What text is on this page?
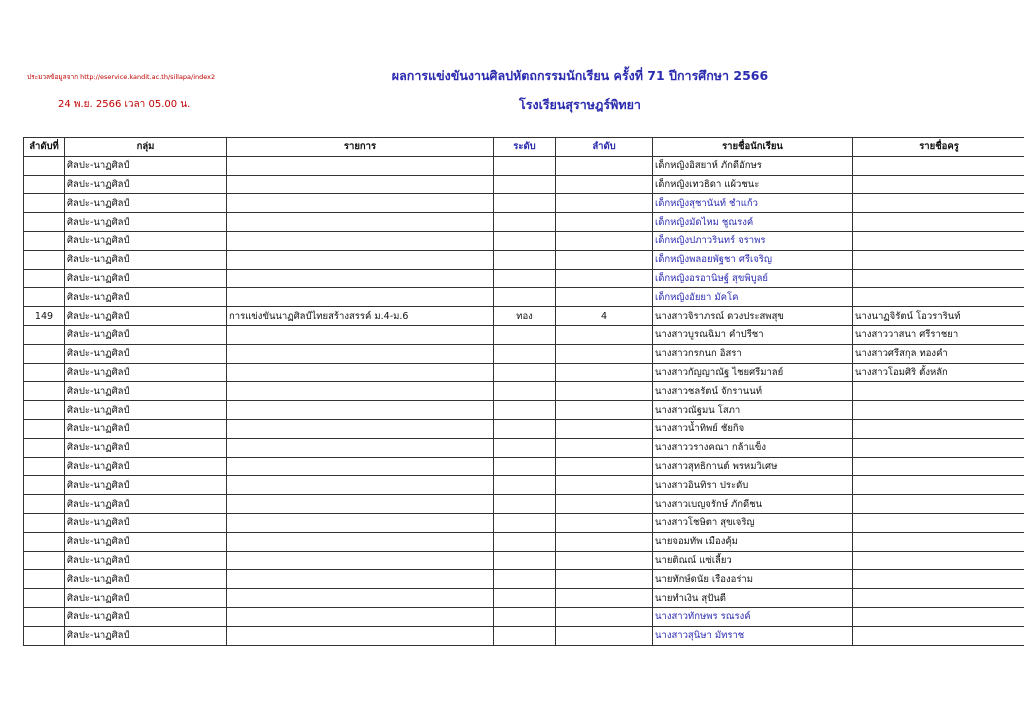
ประมวลข้อมูลจาก http://eservice.kandit.ac.th/sillapa/index2
24 พ.ย. 2566 เวลา 05.00 น.
ผลการแข่งขันงานศิลปหัตถกรรมนักเรียน ครั้งที่ 71 ปีการศึกษา 2566
โรงเรียนสุราษฎร์พิทยา
ลำดับที่	กลุ่ม	รายการ	ระดับ	ลำดับ	รายชื่อนักเรียน	รายชื่อครู
	ศิลปะ-นาฏศิลป์				เด็กหญิงอิสยาห์ ภักดีอักษร	
	ศิลปะ-นาฏศิลป์				เด็กหญิงเทวธิดา แผ้วชนะ	
	ศิลปะ-นาฏศิลป์				เด็กหญิงสุชานันท์ ชำแก้ว	
	ศิลปะ-นาฏศิลป์				เด็กหญิงมัดไหม ชูณรงค์	
	ศิลปะ-นาฏศิลป์				เด็กหญิงปภาวรินทร์ จราพร	
	ศิลปะ-นาฏศิลป์				เด็กหญิงพลอยพัฐชา ศรีเจริญ	
	ศิลปะ-นาฏศิลป์				เด็กหญิงอรอานิษฐ์ สุขพิบูลย์	
	ศิลปะ-นาฏศิลป์				เด็กหญิงอัยยา มัคโค	
149	ศิลปะ-นาฏศิลป์	การแข่งขันนาฏศิลป์ไทยสร้างสรรค์ ม.4-ม.6	ทอง	4	นางสาวจิราภรณ์ ดวงประสพสุข	นางนาฏจิรัตน์ โอวรารินท์
	ศิลปะ-นาฏศิลป์				นางสาวบูรณฉิมา คำปรีชา	นางสาววาสนา ศรีราชยา
	ศิลปะ-นาฏศิลป์				นางสาวกรกนก อิสรา	นางสาวศรีสกุล ทองคำ
	ศิลปะ-นาฏศิลป์				นางสาวกัญญาณัฐ ไชยศรีมาลย์	นางสาวโอมศิริ ตั้งหลัก
	ศิลปะ-นาฏศิลป์				นางสาวชลรัตน์ จักรานนท์	
	ศิลปะ-นาฏศิลป์				นางสาวณัฐมน โสภา	
	ศิลปะ-นาฏศิลป์				นางสาวน้ำทิพย์ ชัยกิจ	
	ศิลปะ-นาฏศิลป์				นางสาววรางคณา กล้าแข็ง	
	ศิลปะ-นาฏศิลป์				นางสาวสุทธิกานต์ พรหมวิเศษ	
	ศิลปะ-นาฏศิลป์				นางสาวอินทิรา ประดับ	
	ศิลปะ-นาฏศิลป์				นางสาวเบญจรักษ์ ภักดีชน	
	ศิลปะ-นาฏศิลป์				นางสาวโชษิตา สุขเจริญ	
	ศิลปะ-นาฏศิลป์				นายจอมทัพ เมืองคุ้ม	
	ศิลปะ-นาฏศิลป์				นายติณณ์ แซ่เลี้ยว	
	ศิลปะ-นาฏศิลป์				นายทักษ์ดนัย เรืองอร่าม	
	ศิลปะ-นาฏศิลป์				นายทำเงิน สุปันตี	
	ศิลปะ-นาฏศิลป์				นางสาวทักษพร รณรงค์	
	ศิลปะ-นาฏศิลป์				นางสาวสุนิษา มัทราช	
